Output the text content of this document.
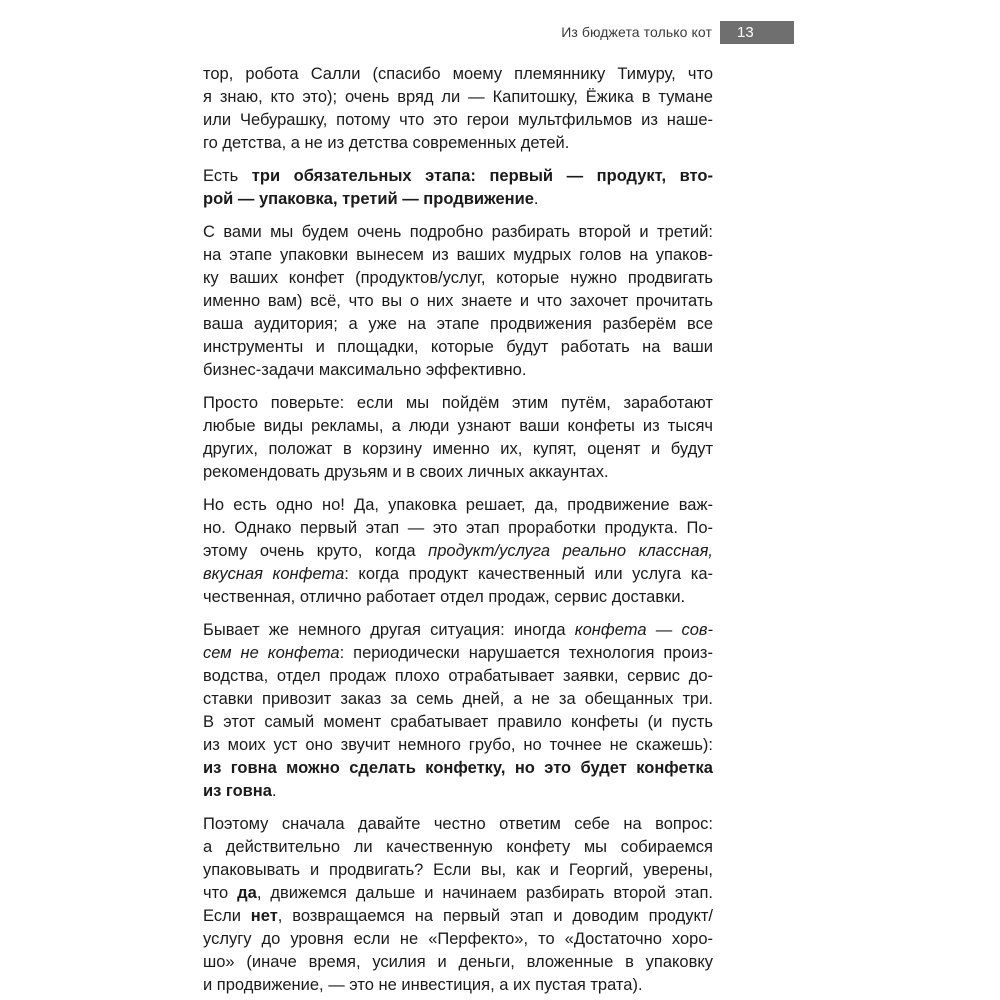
Из бюджета только кот	13

тор, робота Салли (спасибо моему племяннику Тимуру, что
я знаю, кто это); очень вряд ли — Капитошку, Ёжика в тумане
или Чебурашку, потому что это герои мультфильмов из наше-
го детства, а не из детства современных детей.

Есть три обязательных этапа: первый — продукт, вто-
рой — упаковка, третий — продвижение.

С вами мы будем очень подробно разбирать второй и третий:
на этапе упаковки вынесем из ваших мудрых голов на упаков-
ку ваших конфет (продуктов/услуг, которые нужно продвигать
именно вам) всё, что вы о них знаете и что захочет прочитать
ваша аудитория; а уже на этапе продвижения разберём все
инструменты и площадки, которые будут работать на ваши
бизнес-задачи максимально эффективно.

Просто поверьте: если мы пойдём этим путём, заработают
любые виды рекламы, а люди узнают ваши конфеты из тысяч
других, положат в корзину именно их, купят, оценят и будут
рекомендовать друзьям и в своих личных аккаунтах.

Но есть одно но! Да, упаковка решает, да, продвижение важ-
но. Однако первый этап — это этап проработки продукта. По-
этому очень круто, когда продукт/услуга реально классная,
вкусная конфета: когда продукт качественный или услуга ка-
чественная, отлично работает отдел продаж, сервис доставки.

Бывает же немного другая ситуация: иногда конфета — сов-
сем не конфета: периодически нарушается технология произ-
водства, отдел продаж плохо отрабатывает заявки, сервис до-
ставки привозит заказ за семь дней, а не за обещанных три.
В этот самый момент срабатывает правило конфеты (и пусть
из моих уст оно звучит немного грубо, но точнее не скажешь):
из говна можно сделать конфетку, но это будет конфетка
из говна.

Поэтому сначала давайте честно ответим себе на вопрос:
а действительно ли качественную конфету мы собираемся
упаковывать и продвигать? Если вы, как и Георгий, уверены,
что да, движемся дальше и начинаем разбирать второй этап.
Если нет, возвращаемся на первый этап и доводим продукт/
услугу до уровня если не «Перфекто», то «Достаточно хоро-
шо» (иначе время, усилия и деньги, вложенные в упаковку
и продвижение, — это не инвестиция, а их пустая трата).
